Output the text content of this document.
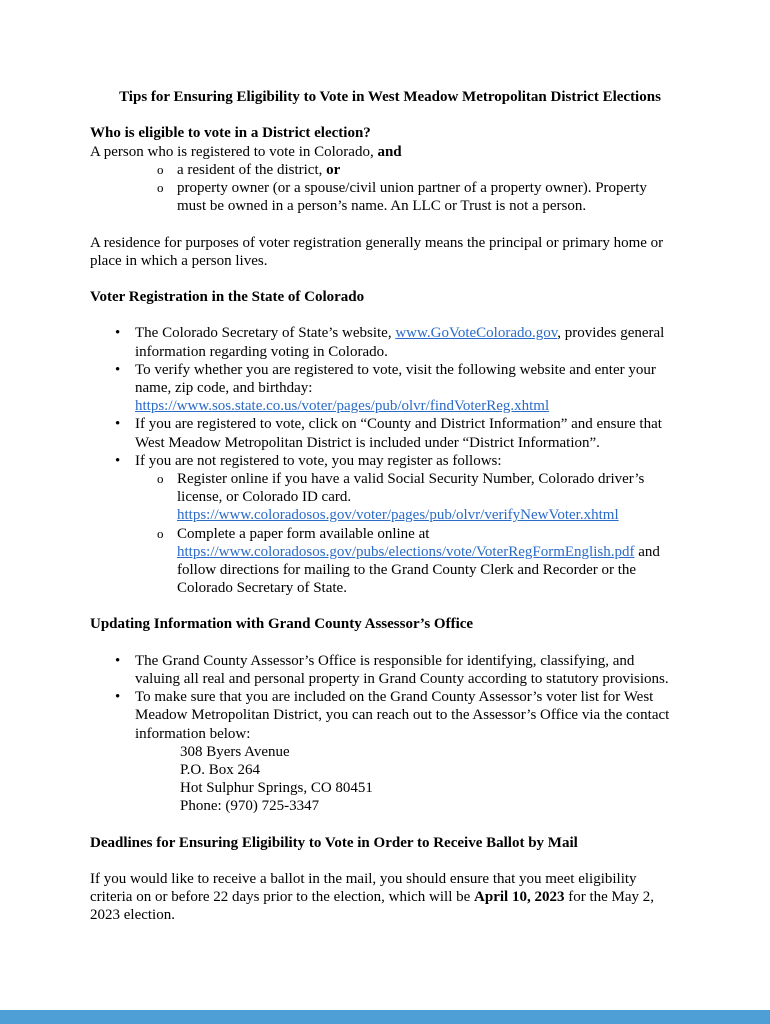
Tips for Ensuring Eligibility to Vote in West Meadow Metropolitan District Elections
Who is eligible to vote in a District election?
A person who is registered to vote in Colorado, and
o a resident of the district, or
o property owner (or a spouse/civil union partner of a property owner). Property
must be owned in a person’s name. An LLC or Trust is not a person.
A residence for purposes of voter registration generally means the principal or primary home or
place in which a person lives.
Voter Registration in the State of Colorado
• The Colorado Secretary of State’s website, www.GoVoteColorado.gov, provides general
information regarding voting in Colorado.
• To verify whether you are registered to vote, visit the following website and enter your
name, zip code, and birthday:
https://www.sos.state.co.us/voter/pages/pub/olvr/findVoterReg.xhtml
• If you are registered to vote, click on “County and District Information” and ensure that
West Meadow Metropolitan District is included under “District Information”.
• If you are not registered to vote, you may register as follows:
o Register online if you have a valid Social Security Number, Colorado driver’s
license, or Colorado ID card.
https://www.coloradosos.gov/voter/pages/pub/olvr/verifyNewVoter.xhtml
o Complete a paper form available online at
https://www.coloradosos.gov/pubs/elections/vote/VoterRegFormEnglish.pdf and
follow directions for mailing to the Grand County Clerk and Recorder or the
Colorado Secretary of State.
Updating Information with Grand County Assessor’s Office
• The Grand County Assessor’s Office is responsible for identifying, classifying, and
valuing all real and personal property in Grand County according to statutory provisions.
• To make sure that you are included on the Grand County Assessor’s voter list for West
Meadow Metropolitan District, you can reach out to the Assessor’s Office via the contact
information below:
308 Byers Avenue
P.O. Box 264
Hot Sulphur Springs, CO 80451
Phone: (970) 725-3347
Deadlines for Ensuring Eligibility to Vote in Order to Receive Ballot by Mail
If you would like to receive a ballot in the mail, you should ensure that you meet eligibility
criteria on or before 22 days prior to the election, which will be April 10, 2023 for the May 2,
2023 election.
